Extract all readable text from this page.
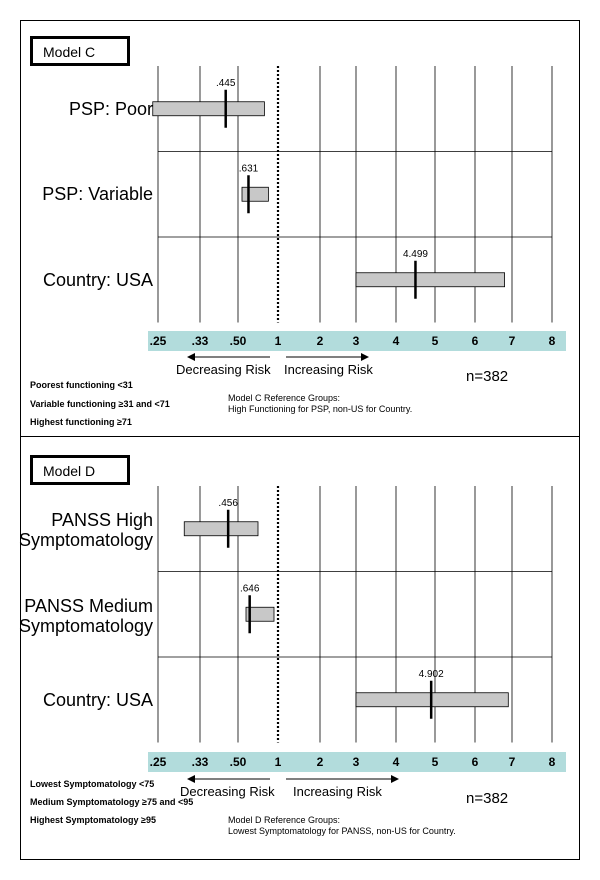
Model C
PSP: Poor
PSP: Variable
Country: USA
.25 .33 .50 1	2 3	4	5	6	7	8
Decreasing Risk Increasing Risk	n=382
Poorest functioning <31
Variable functioning ≥31 and <71
Highest functioning ≥71
Model C Reference Groups:
High Functioning for PSP, non-US for Country.
Model D
PANSS High
Symptomatology
PANSS Medium
Symptomatology
Country: USA
.25 .33 .50 1	2 3	4	5	6	7	8
Decreasing Risk Increasing Risk	n=382
Lowest Symptomatology <75
Medium Symptomatology ≥75 and <95
Highest Symptomatology ≥95	Model D Reference Groups:
Lowest Symptomatology for PANSS, non-US for Country.
.445
.631
4.499
.456
.646
4.902
